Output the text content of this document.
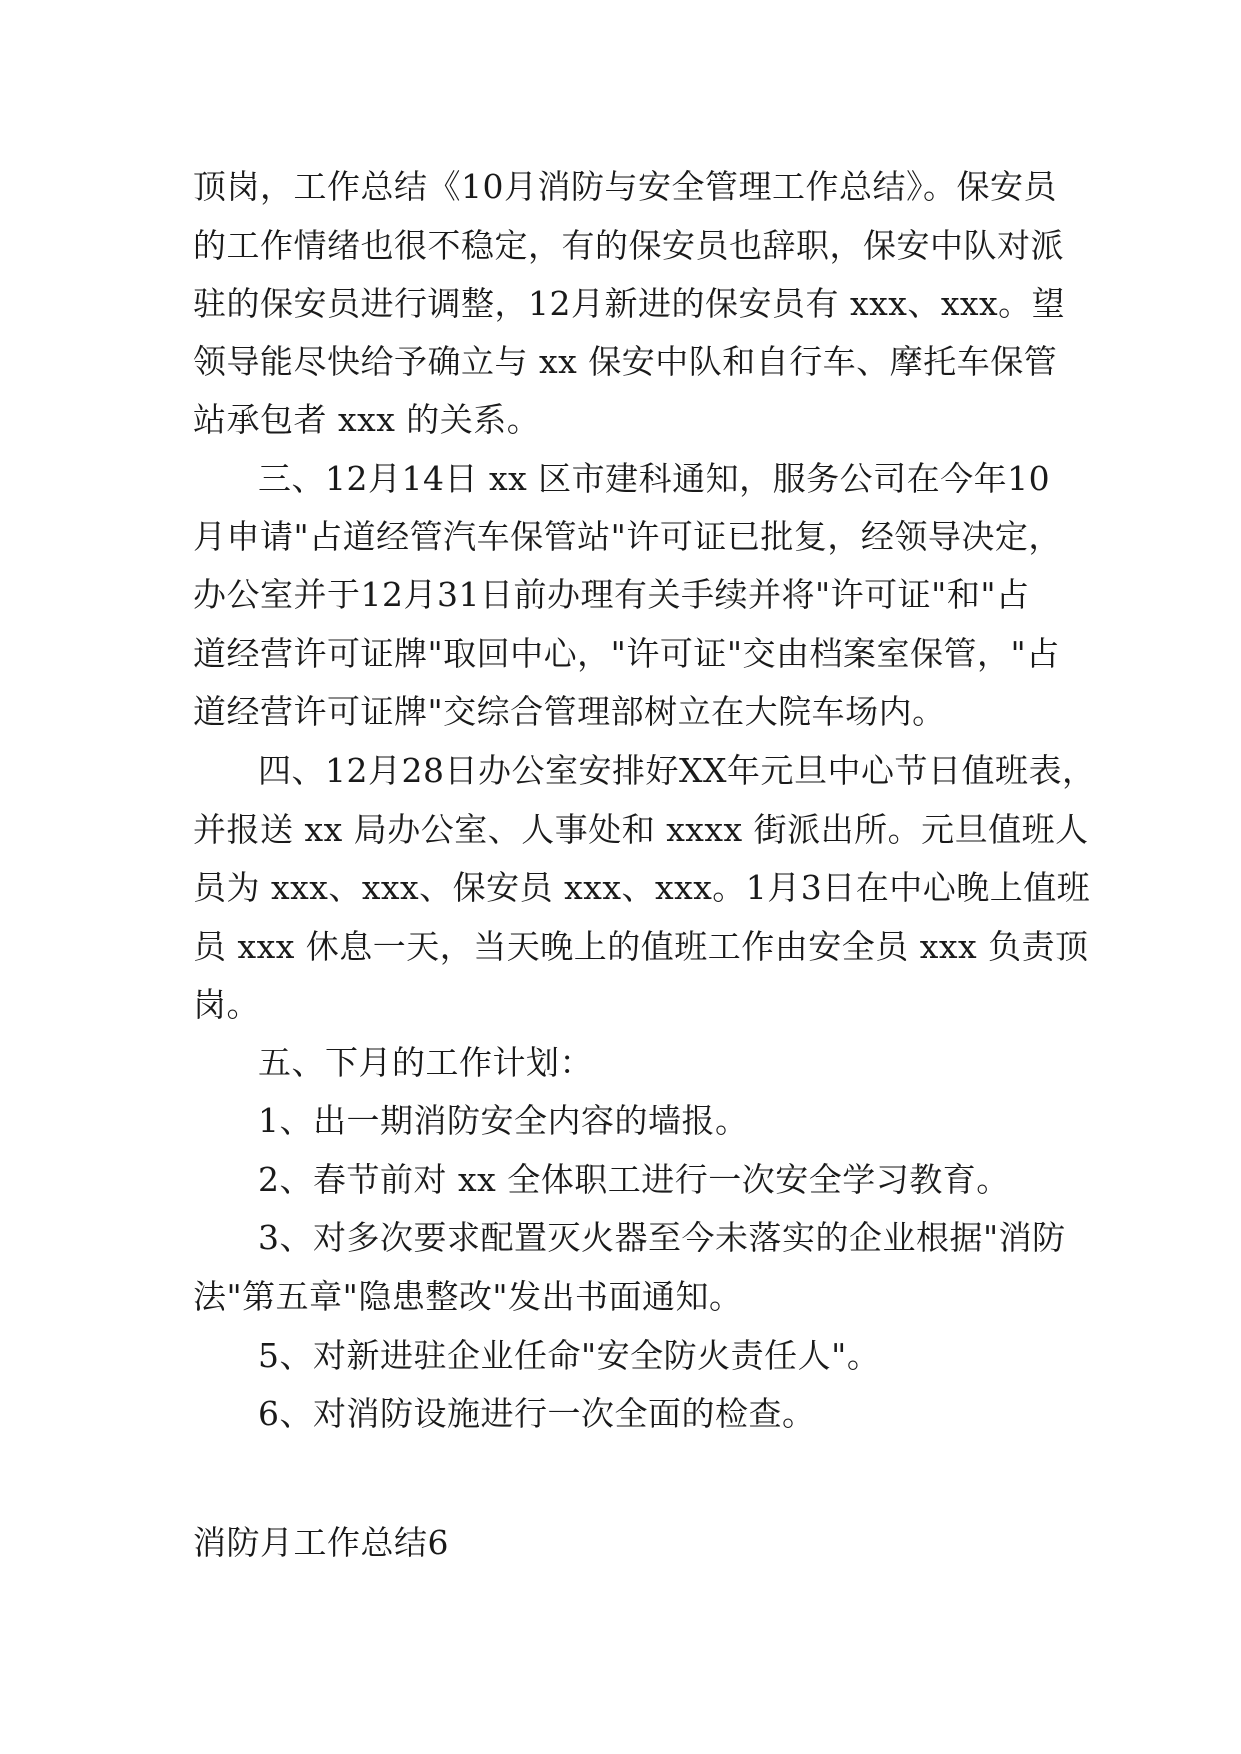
顶岗，工作总结《10月消防与安全管理工作总结》。保安员
的工作情绪也很不稳定，有的保安员也辞职，保安中队对派
驻的保安员进行调整，12月新进的保安员有 xxx、xxx。望
领导能尽快给予确立与 xx 保安中队和自行车、摩托车保管
站承包者 xxx 的关系。
三、12月14日 xx 区市建科通知，服务公司在今年10
月申请"占道经管汽车保管站"许可证已批复，经领导决定，
办公室并于12月31日前办理有关手续并将"许可证"和"占
道经营许可证牌"取回中心，"许可证"交由档案室保管，"占
道经营许可证牌"交综合管理部树立在大院车场内。
四、12月28日办公室安排好XX年元旦中心节日值班表，
并报送 xx 局办公室、人事处和 xxxx 街派出所。元旦值班人
员为 xxx、xxx、保安员 xxx、xxx。1月3日在中心晚上值班
员 xxx 休息一天，当天晚上的值班工作由安全员 xxx 负责顶
岗。
五、下月的工作计划：
1、出一期消防安全内容的墙报。
2、春节前对 xx 全体职工进行一次安全学习教育。
3、对多次要求配置灭火器至今未落实的企业根据"消防
法"第五章"隐患整改"发出书面通知。
5、对新进驻企业任命"安全防火责任人"。
6、对消防设施进行一次全面的检查。
消防月工作总结6
